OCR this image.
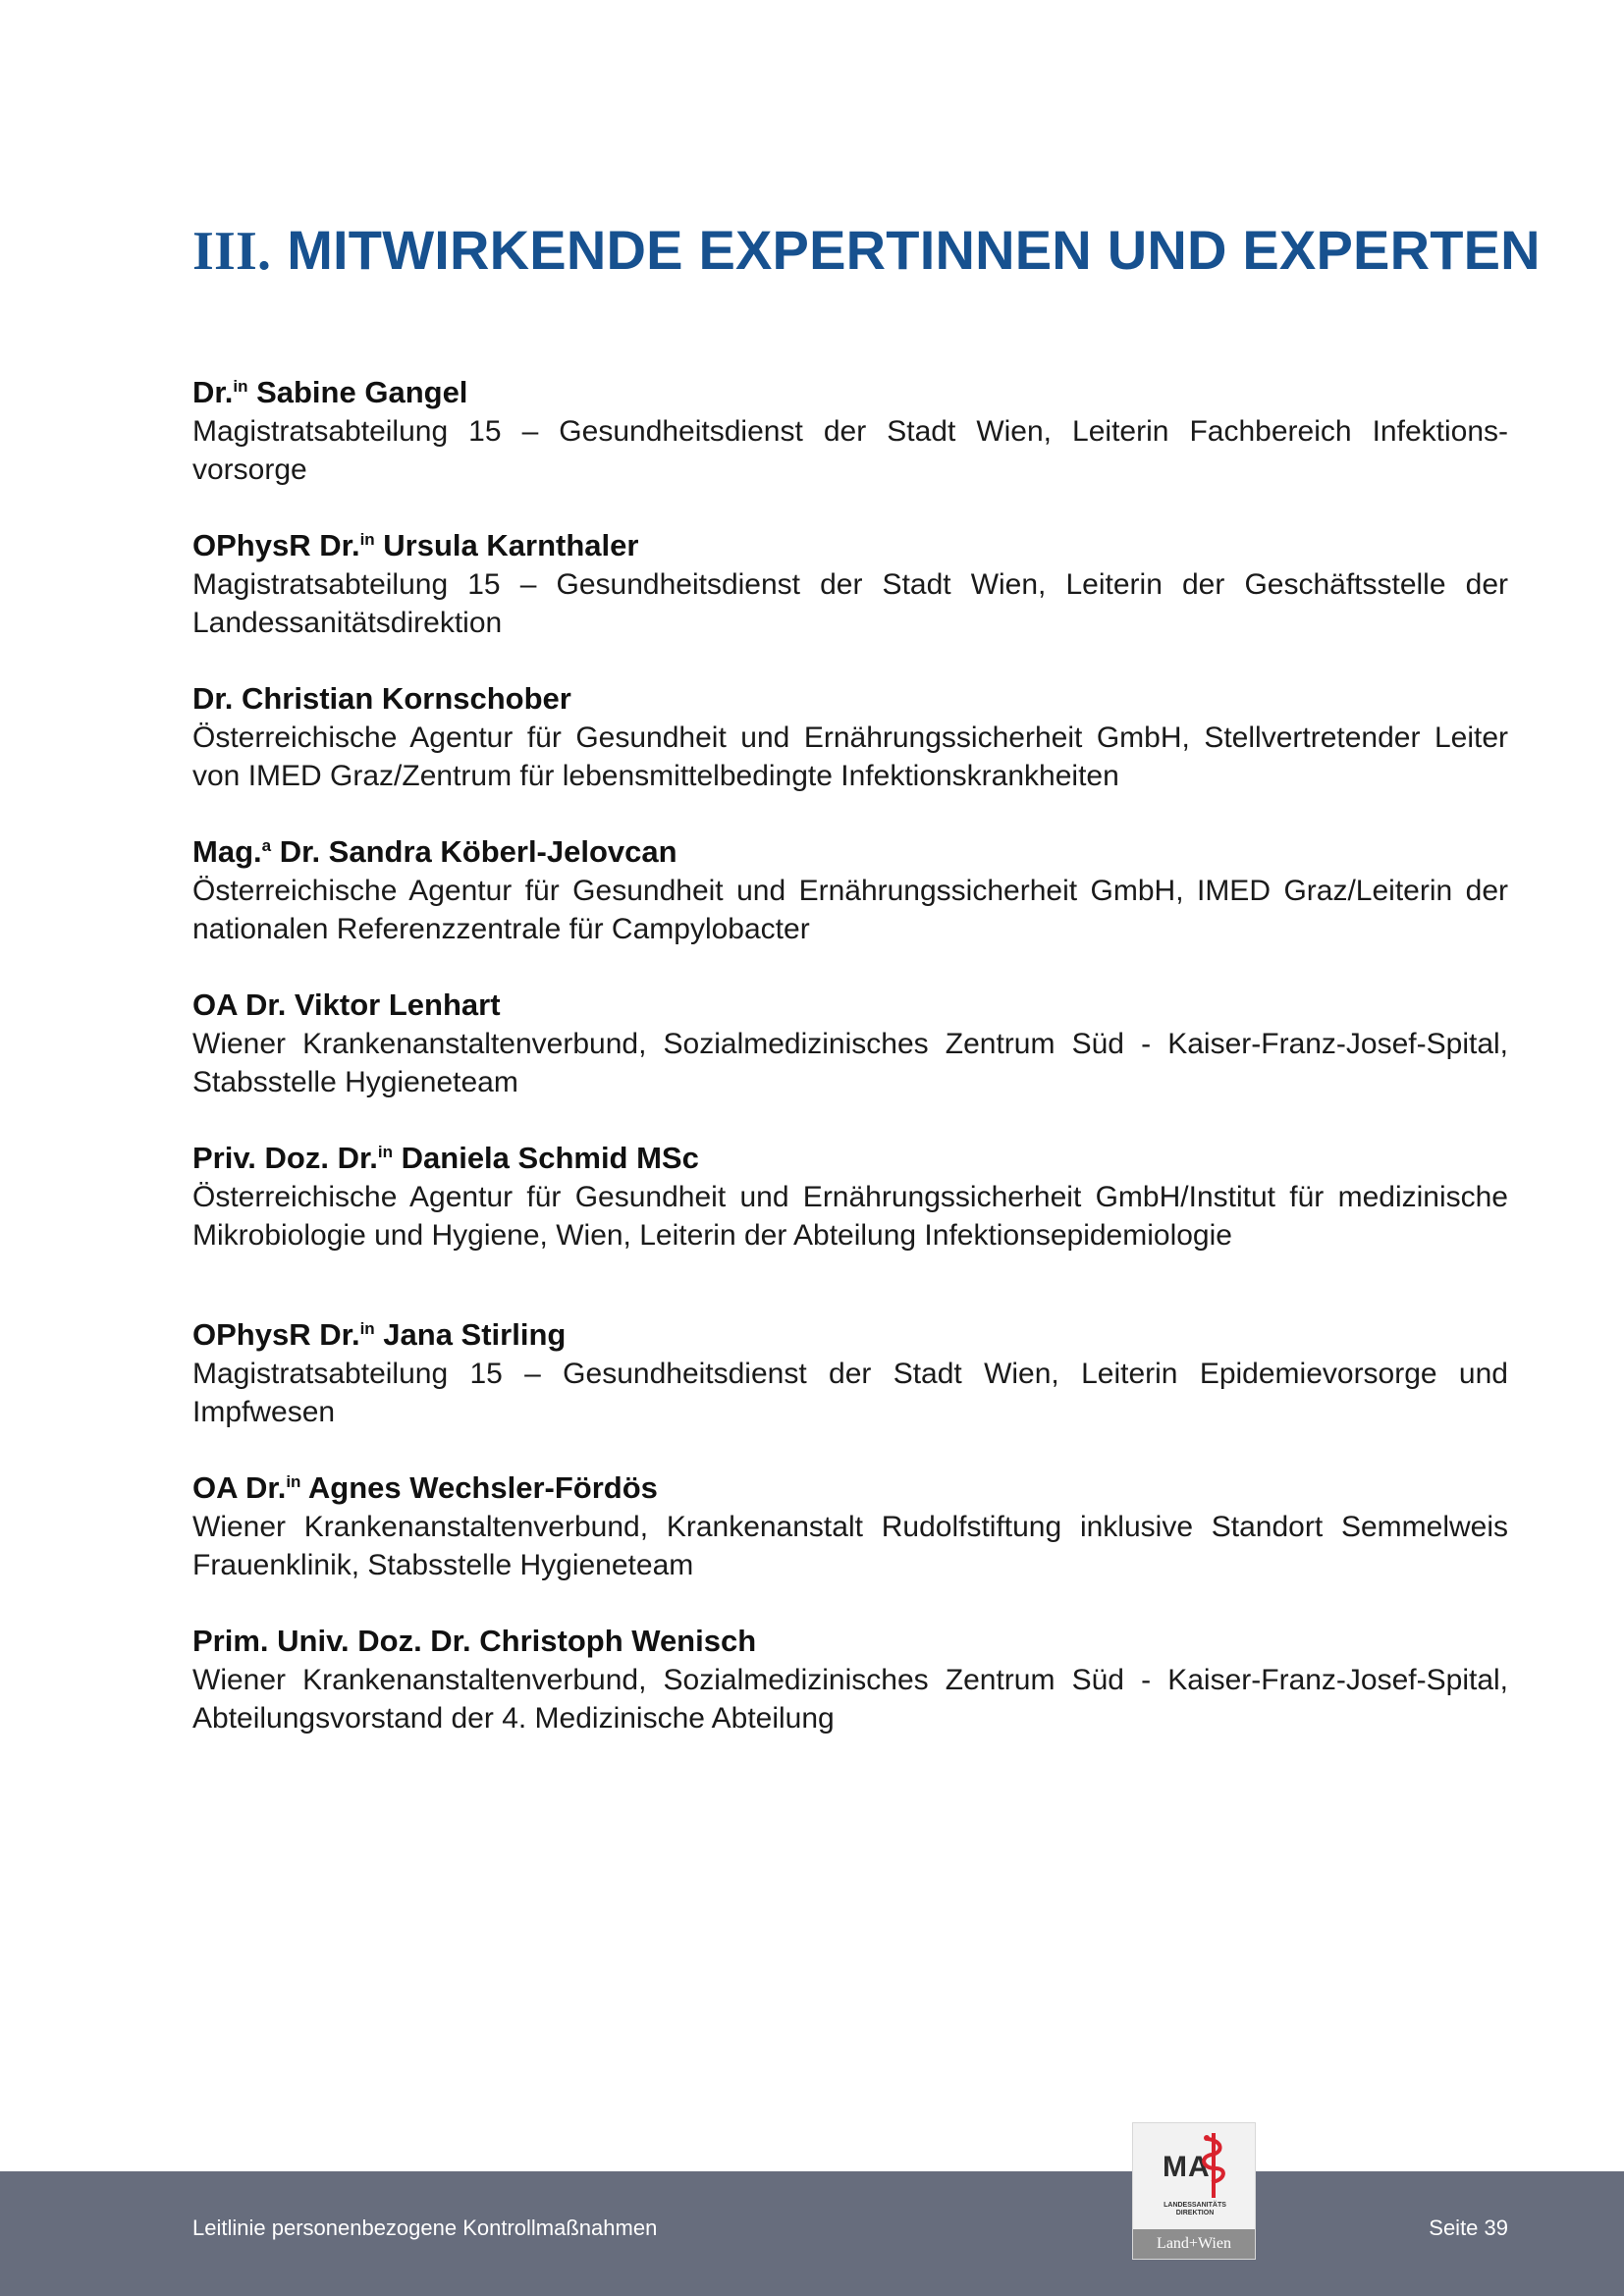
III. MITWIRKENDE EXPERTINNEN UND EXPERTEN
Dr.$^{in}$ Sabine Gangel
Magistratsabteilung 15 – Gesundheitsdienst der Stadt Wien, Leiterin Fachbereich Infektions-vorsorge
OPhysR Dr.$^{in}$ Ursula Karnthaler
Magistratsabteilung 15 – Gesundheitsdienst der Stadt Wien, Leiterin der Geschäftsstelle der Landessanitätsdirektion
Dr. Christian Kornschober
Österreichische Agentur für Gesundheit und Ernährungssicherheit GmbH, Stellvertretender Leiter von IMED Graz/Zentrum für lebensmittelbedingte Infektionskrankheiten
Mag.$^a$ Dr. Sandra Köberl-Jelovcan
Österreichische Agentur für Gesundheit und Ernährungssicherheit GmbH, IMED Graz/Leiterin der nationalen Referenzzentrale für Campylobacter
OA Dr. Viktor Lenhart
Wiener Krankenanstaltenverbund, Sozialmedizinisches Zentrum Süd - Kaiser-Franz-Josef-Spital, Stabsstelle Hygieneteam
Priv. Doz. Dr.$^{in}$ Daniela Schmid MSc
Österreichische Agentur für Gesundheit und Ernährungssicherheit GmbH/Institut für medizinische Mikrobiologie und Hygiene, Wien, Leiterin der Abteilung Infektionsepidemiologie
OPhysR Dr.$^{in}$ Jana Stirling
Magistratsabteilung 15 – Gesundheitsdienst der Stadt Wien, Leiterin Epidemievorsorge und Impfwesen
OA Dr.$^{in}$ Agnes Wechsler-Fördös
Wiener Krankenanstaltenverbund, Krankenanstalt Rudolfstiftung inklusive Standort Semmelweis Frauenklinik, Stabsstelle Hygieneteam
Prim. Univ. Doz. Dr. Christoph Wenisch
Wiener Krankenanstaltenverbund, Sozialmedizinisches Zentrum Süd - Kaiser-Franz-Josef-Spital, Abteilungsvorstand der 4. Medizinische Abteilung
Leitlinie personenbezogene Kontrollmaßnahmen	Seite 39
MA
LANDESSANITÄTS DIREKTION
Land+Wien
